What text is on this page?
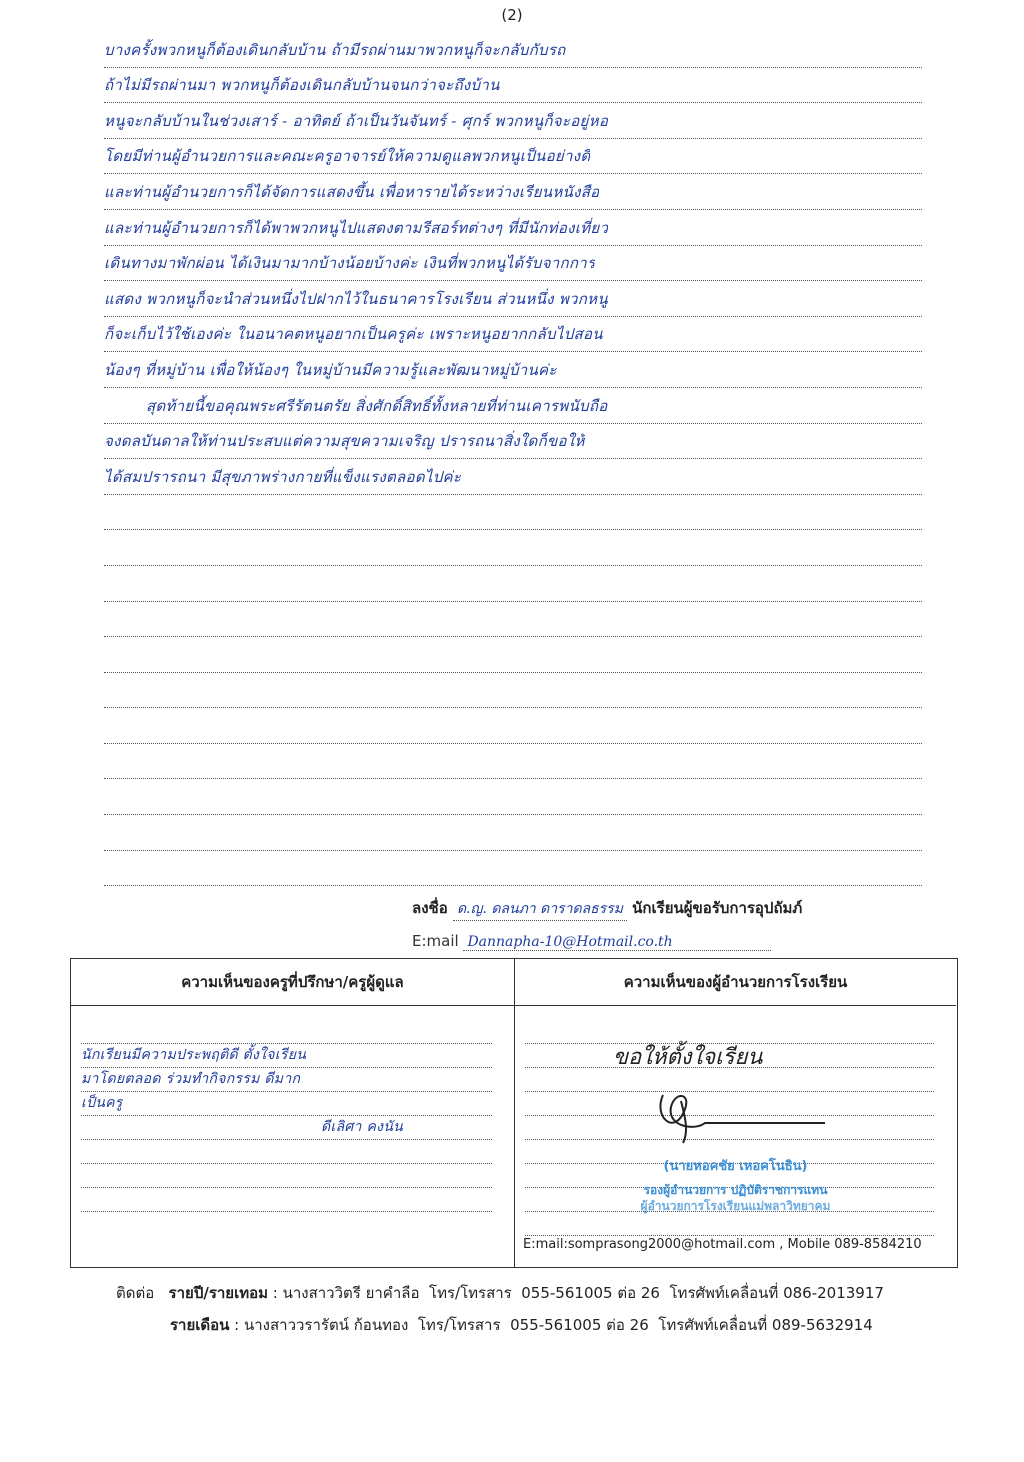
(2)
บางครั้งพวกหนูก็ต้องเดินกลับบ้าน ถ้ามีรถผ่านมาพวกหนูก็จะกลับกับรถ
ถ้าไม่มีรถผ่านมา พวกหนูก็ต้องเดินกลับบ้านจนกว่าจะถึงบ้าน
หนูจะกลับบ้านในช่วงเสาร์ - อาทิตย์ ถ้าเป็นวันจันทร์ - ศุกร์ พวกหนูก็จะอยู่หอ
โดยมีท่านผู้อำนวยการและคณะครูอาจารย์ให้ความดูแลพวกหนูเป็นอย่างดี
และท่านผู้อำนวยการก็ได้จัดการแสดงขึ้น เพื่อหารายได้ระหว่างเรียนหนังสือ
และท่านผู้อำนวยการก็ได้พาพวกหนูไปแสดงตามรีสอร์ทต่างๆ ที่มีนักท่องเที่ยว
เดินทางมาพักผ่อน ได้เงินมามากบ้างน้อยบ้างค่ะ เงินที่พวกหนูได้รับจากการ
แสดง พวกหนูก็จะนำส่วนหนึ่งไปฝากไว้ในธนาคารโรงเรียน ส่วนหนึ่ง พวกหนู
ก็จะเก็บไว้ใช้เองค่ะ ในอนาคตหนูอยากเป็นครูค่ะ เพราะหนูอยากกลับไปสอน
น้องๆ ที่หมู่บ้าน เพื่อให้น้องๆ ในหมู่บ้านมีความรู้และพัฒนาหมู่บ้านค่ะ
สุดท้ายนี้ขอคุณพระศรีรัตนตรัย สิ่งศักดิ์สิทธิ์ทั้งหลายที่ท่านเคารพนับถือ
จงดลบันดาลให้ท่านประสบแต่ความสุขความเจริญ ปรารถนาสิ่งใดก็ขอให้
ได้สมปรารถนา มีสุขภาพร่างกายที่แข็งแรงตลอดไปค่ะ
ลงชื่อ ด.ญ. ดลนภา ดาราดลธรรม นักเรียนผู้ขอรับการอุปถัมภ์
E:mail Dannapha-10@Hotmail.co.th
ความเห็นของครูที่ปรึกษา/ครูผู้ดูแล
นักเรียนมีความประพฤติดี ตั้งใจเรียน
มาโดยตลอด ร่วมทำกิจกรรม ดีมาก
เป็นครู
ดีเลิศา คงนัน
ความเห็นของผู้อำนวยการโรงเรียน
ขอให้ตั้งใจเรียน
(นายหอคชัย เหอคโนธิน)
รองผู้อำนวยการ ปฏิบัติราชการแทน
ผู้อำนวยการโรงเรียนแม่พลาวิทยาคม
E:mail:somprasong2000@hotmail.com , Mobile 089-8584210
ติดต่อ รายปี/รายเทอม : นางสาววิตรี ยาคำลือ โทร/โทรสาร 055-561005 ต่อ 26 โทรศัพท์เคลื่อนที่ 086-2013917
รายเดือน : นางสาววรารัตน์ ก้อนทอง โทร/โทรสาร 055-561005 ต่อ 26 โทรศัพท์เคลื่อนที่ 089-5632914
